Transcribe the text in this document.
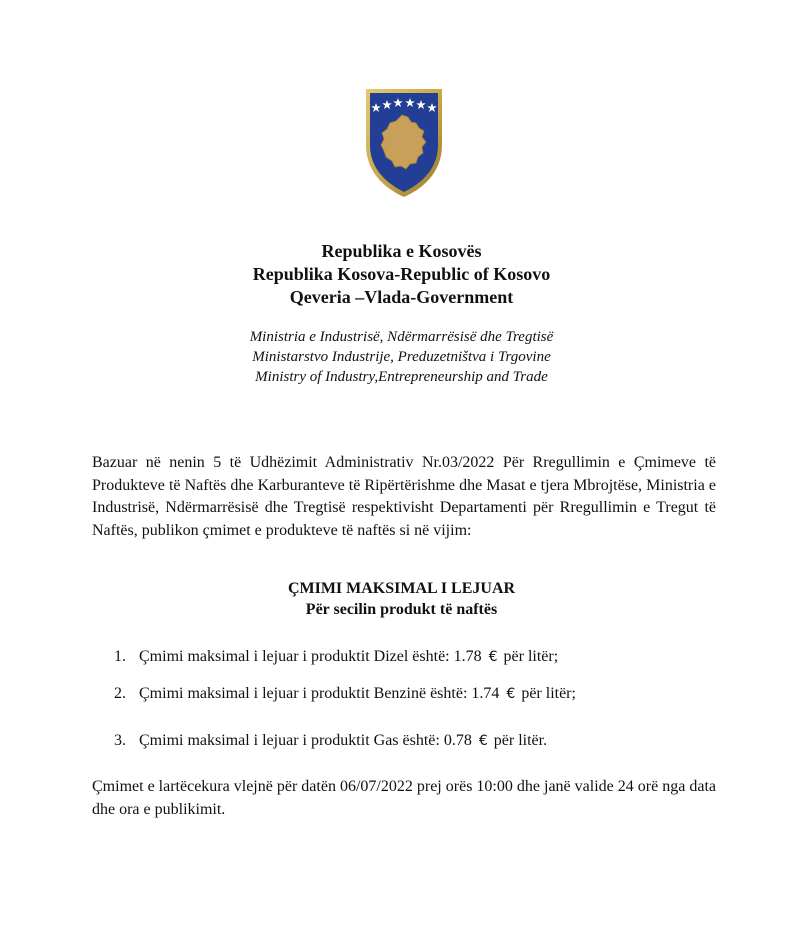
Republika e Kosovës
Republika Kosova-Republic of Kosovo
Qeveria –Vlada-Government
Ministria e Industrisë, Ndërmarrësisë dhe Tregtisë
Ministarstvo Industrije, Preduzetništva i Trgovine
Ministry of Industry,Entrepreneurship and Trade

Bazuar në nenin 5 të Udhëzimit Administrativ Nr.03/2022 Për Rregullimin e Çmimeve të Produkteve të Naftës dhe Karburanteve të Ripërtërishme dhe Masat e tjera Mbrojtëse, Ministria e Industrisë, Ndërmarrësisë dhe Tregtisë respektivisht Departamenti për Rregullimin e Tregut të Naftës, publikon çmimet e produkteve të naftës si në vijim:

ÇMIMI MAKSIMAL I LEJUAR
Për secilin produkt të naftës
1. Çmimi maksimal i lejuar i produktit Dizel është: 1.78 € për litër;
2. Çmimi maksimal i lejuar i produktit Benzinë është: 1.74 € për litër;
3. Çmimi maksimal i lejuar i produktit Gas është: 0.78 € për litër.

Çmimet e lartëcekura vlejnë për datën 06/07/2022 prej orës 10:00 dhe janë valide 24 orë nga data dhe ora e publikimit.
